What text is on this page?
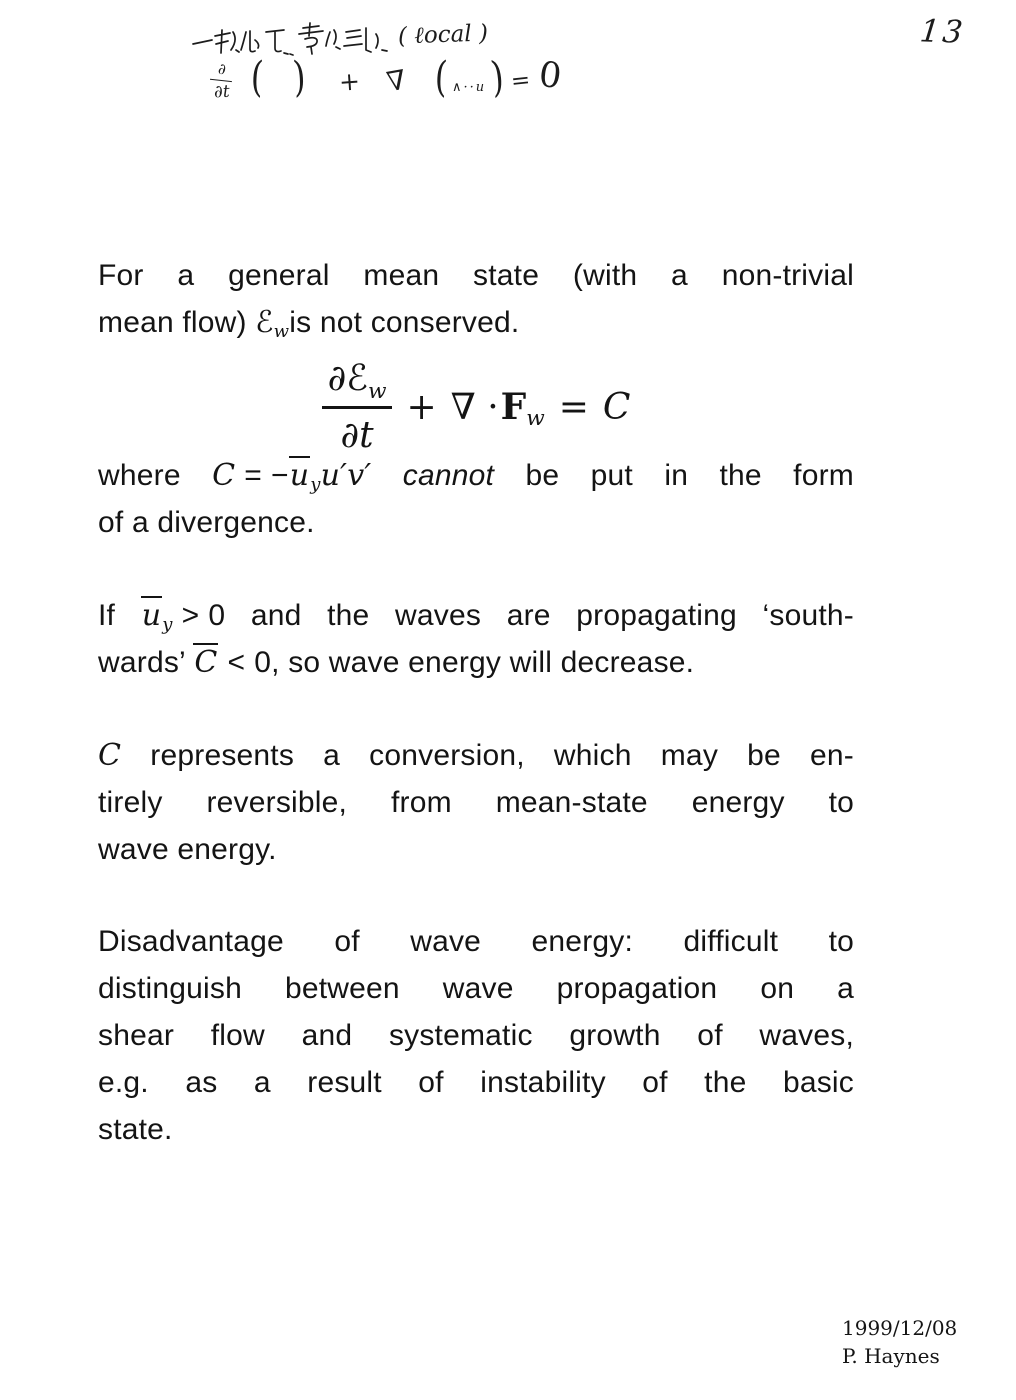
( ℓocal )	13
∂
∂t ( ) + ∇ ( ∧··u ) = 0
For a general mean state (with a non-trivial
mean flow) ℰ w is not conserved.
$\frac{\partial ℰ_w}{\partial t}$ + ∇ · F w = C
where C = − u y u′v′ cannot be put in the form
of a divergence.
If u y > 0 and the waves are propagating ‘south-
wards’ C < 0, so wave energy will decrease.
C represents a conversion, which may be en-
tirely reversible, from mean-state energy to
wave energy.
Disadvantage of wave energy: difficult to
distinguish between wave propagation on a
shear flow and systematic growth of waves,
e.g. as a result of instability of the basic
state.
1999/12/08
P. Haynes
